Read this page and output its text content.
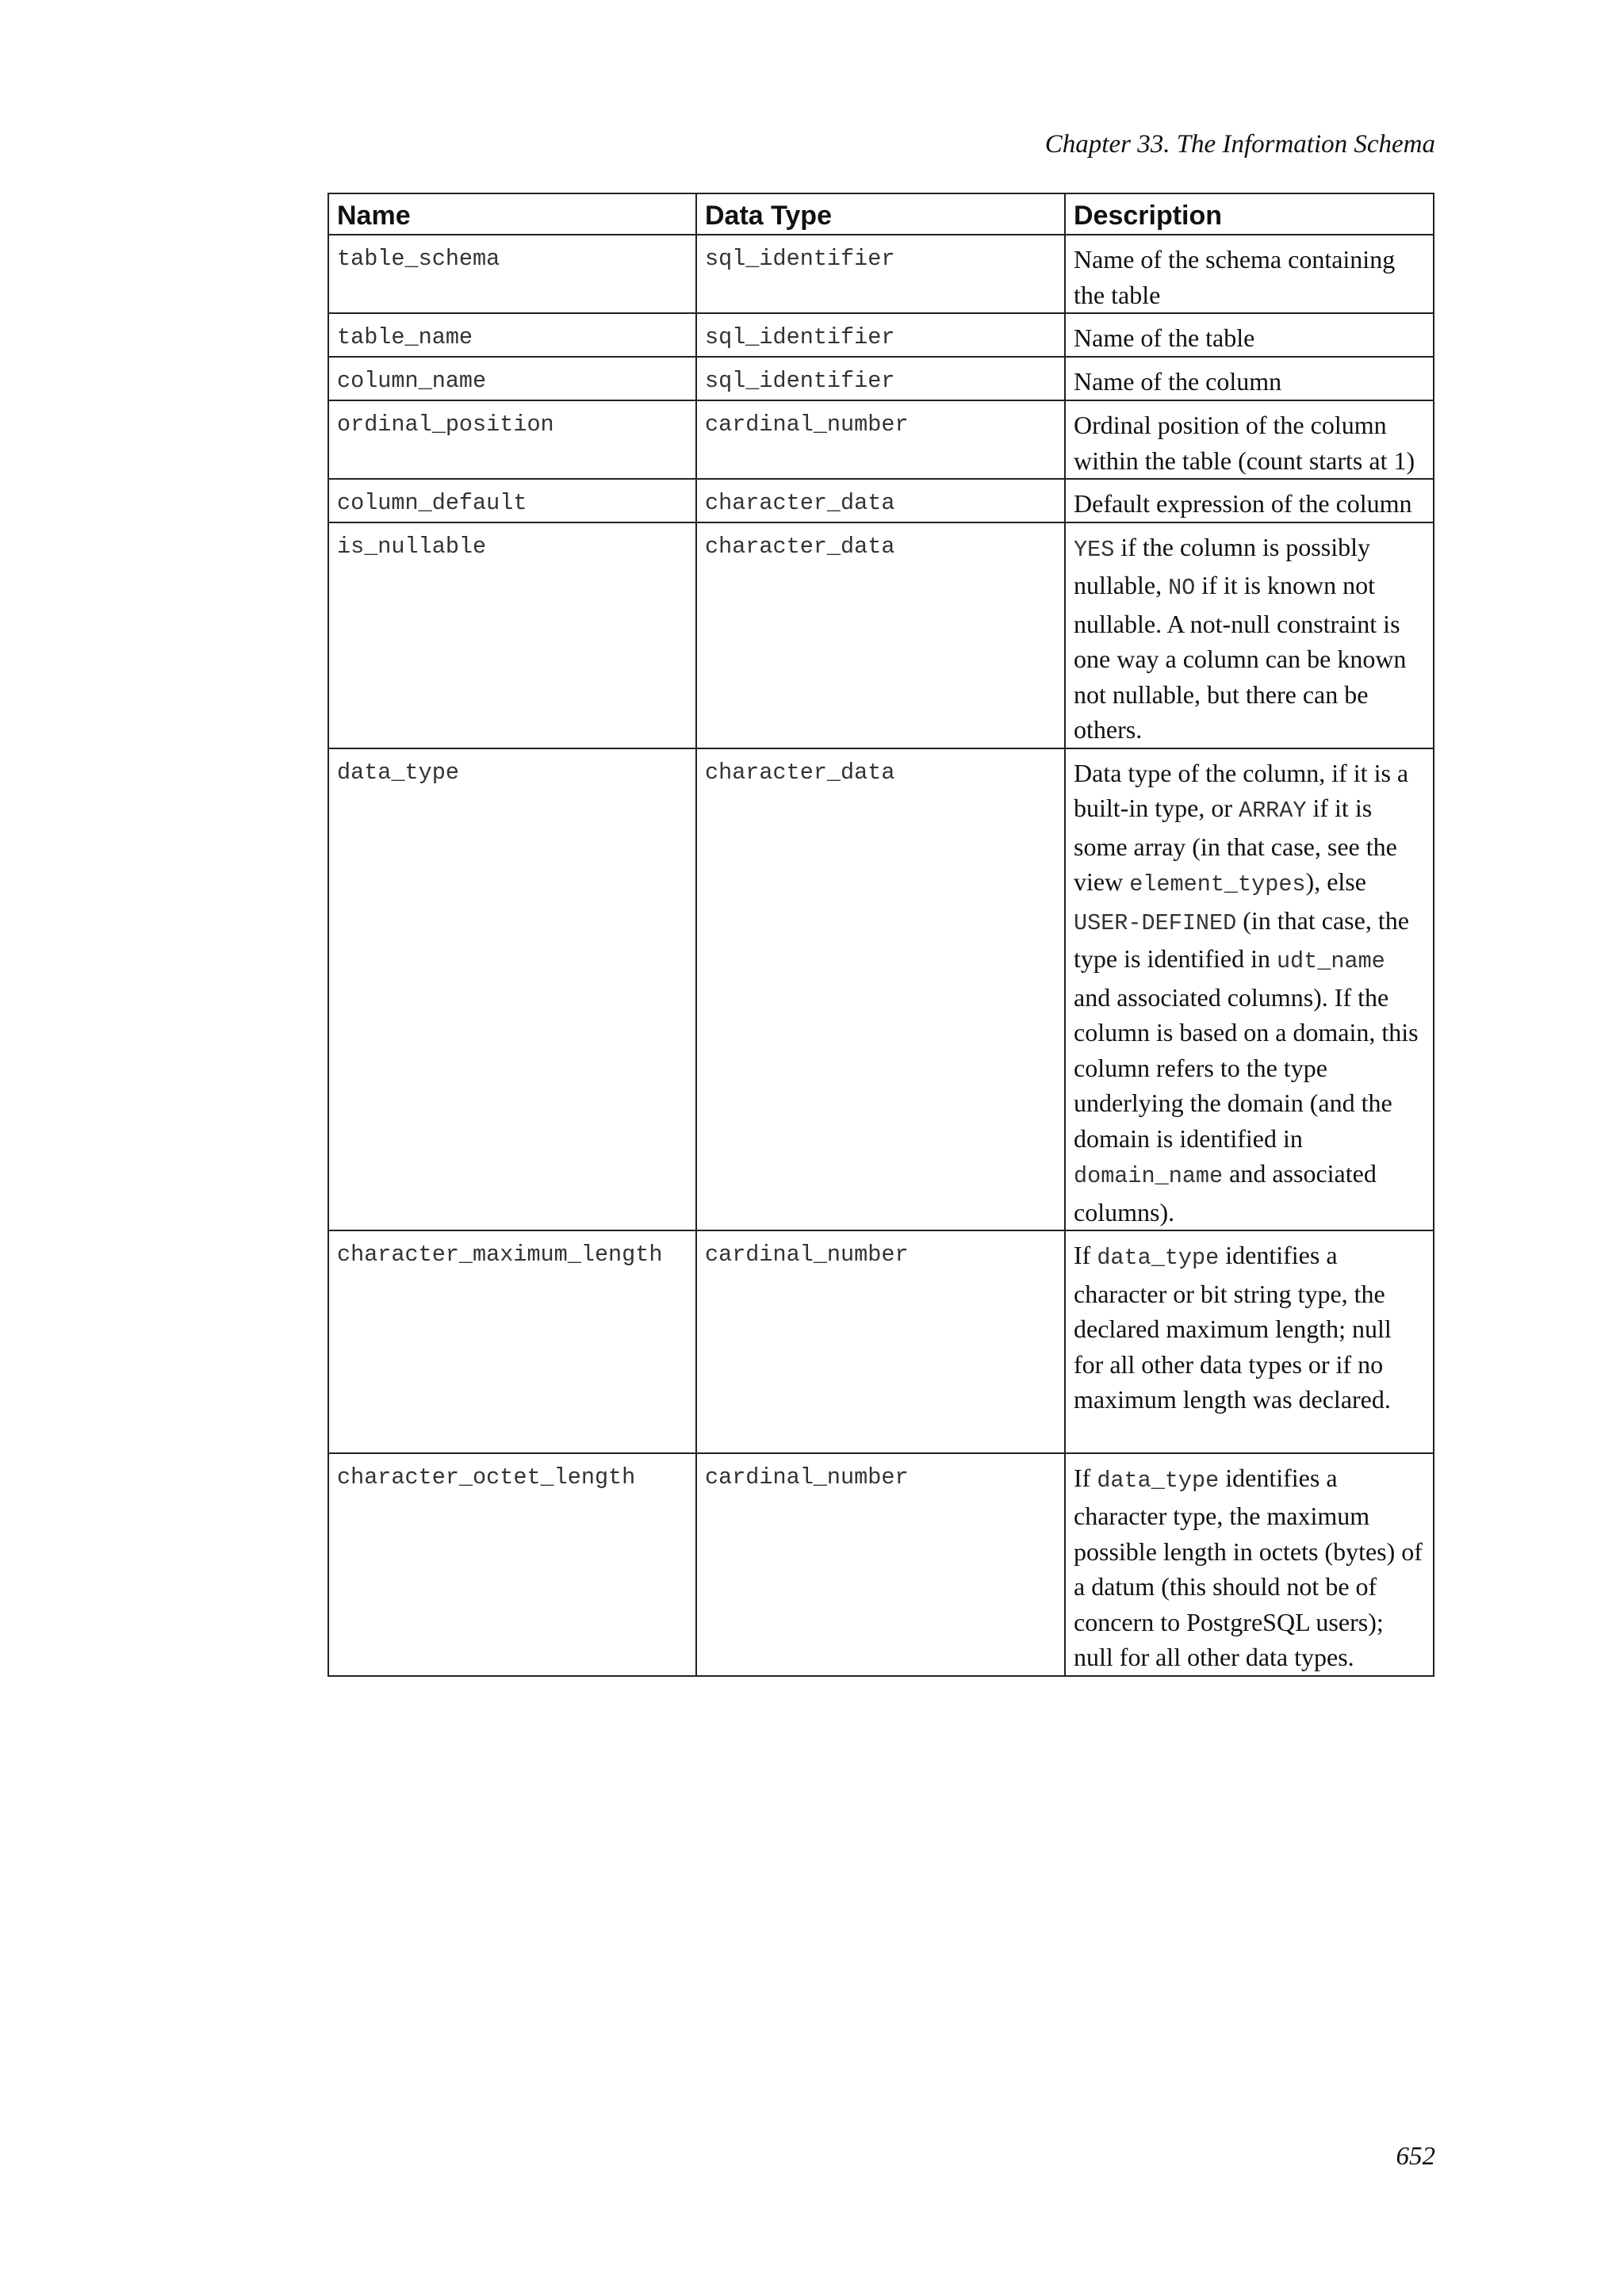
Chapter 33. The Information Schema
Name	Data Type	Description
table_schema	sql_identifier	Name of the schema containing the table
table_name	sql_identifier	Name of the table
column_name	sql_identifier	Name of the column
ordinal_position	cardinal_number	Ordinal position of the column within the table (count starts at 1)
column_default	character_data	Default expression of the column
is_nullable	character_data	YES if the column is possibly nullable, NO if it is known not nullable. A not-null constraint is one way a column can be known not nullable, but there can be others.
data_type	character_data	Data type of the column, if it is a built-in type, or ARRAY if it is some array (in that case, see the view element_types), else USER-DEFINED (in that case, the type is identified in udt_name and associated columns). If the column is based on a domain, this column refers to the type underlying the domain (and the domain is identified in domain_name and associated columns).
character_maximum_length	cardinal_number	If data_type identifies a character or bit string type, the declared maximum length; null for all other data types or if no maximum length was declared.
character_octet_length	cardinal_number	If data_type identifies a character type, the maximum possible length in octets (bytes) of a datum (this should not be of concern to PostgreSQL users); null for all other data types.
652
